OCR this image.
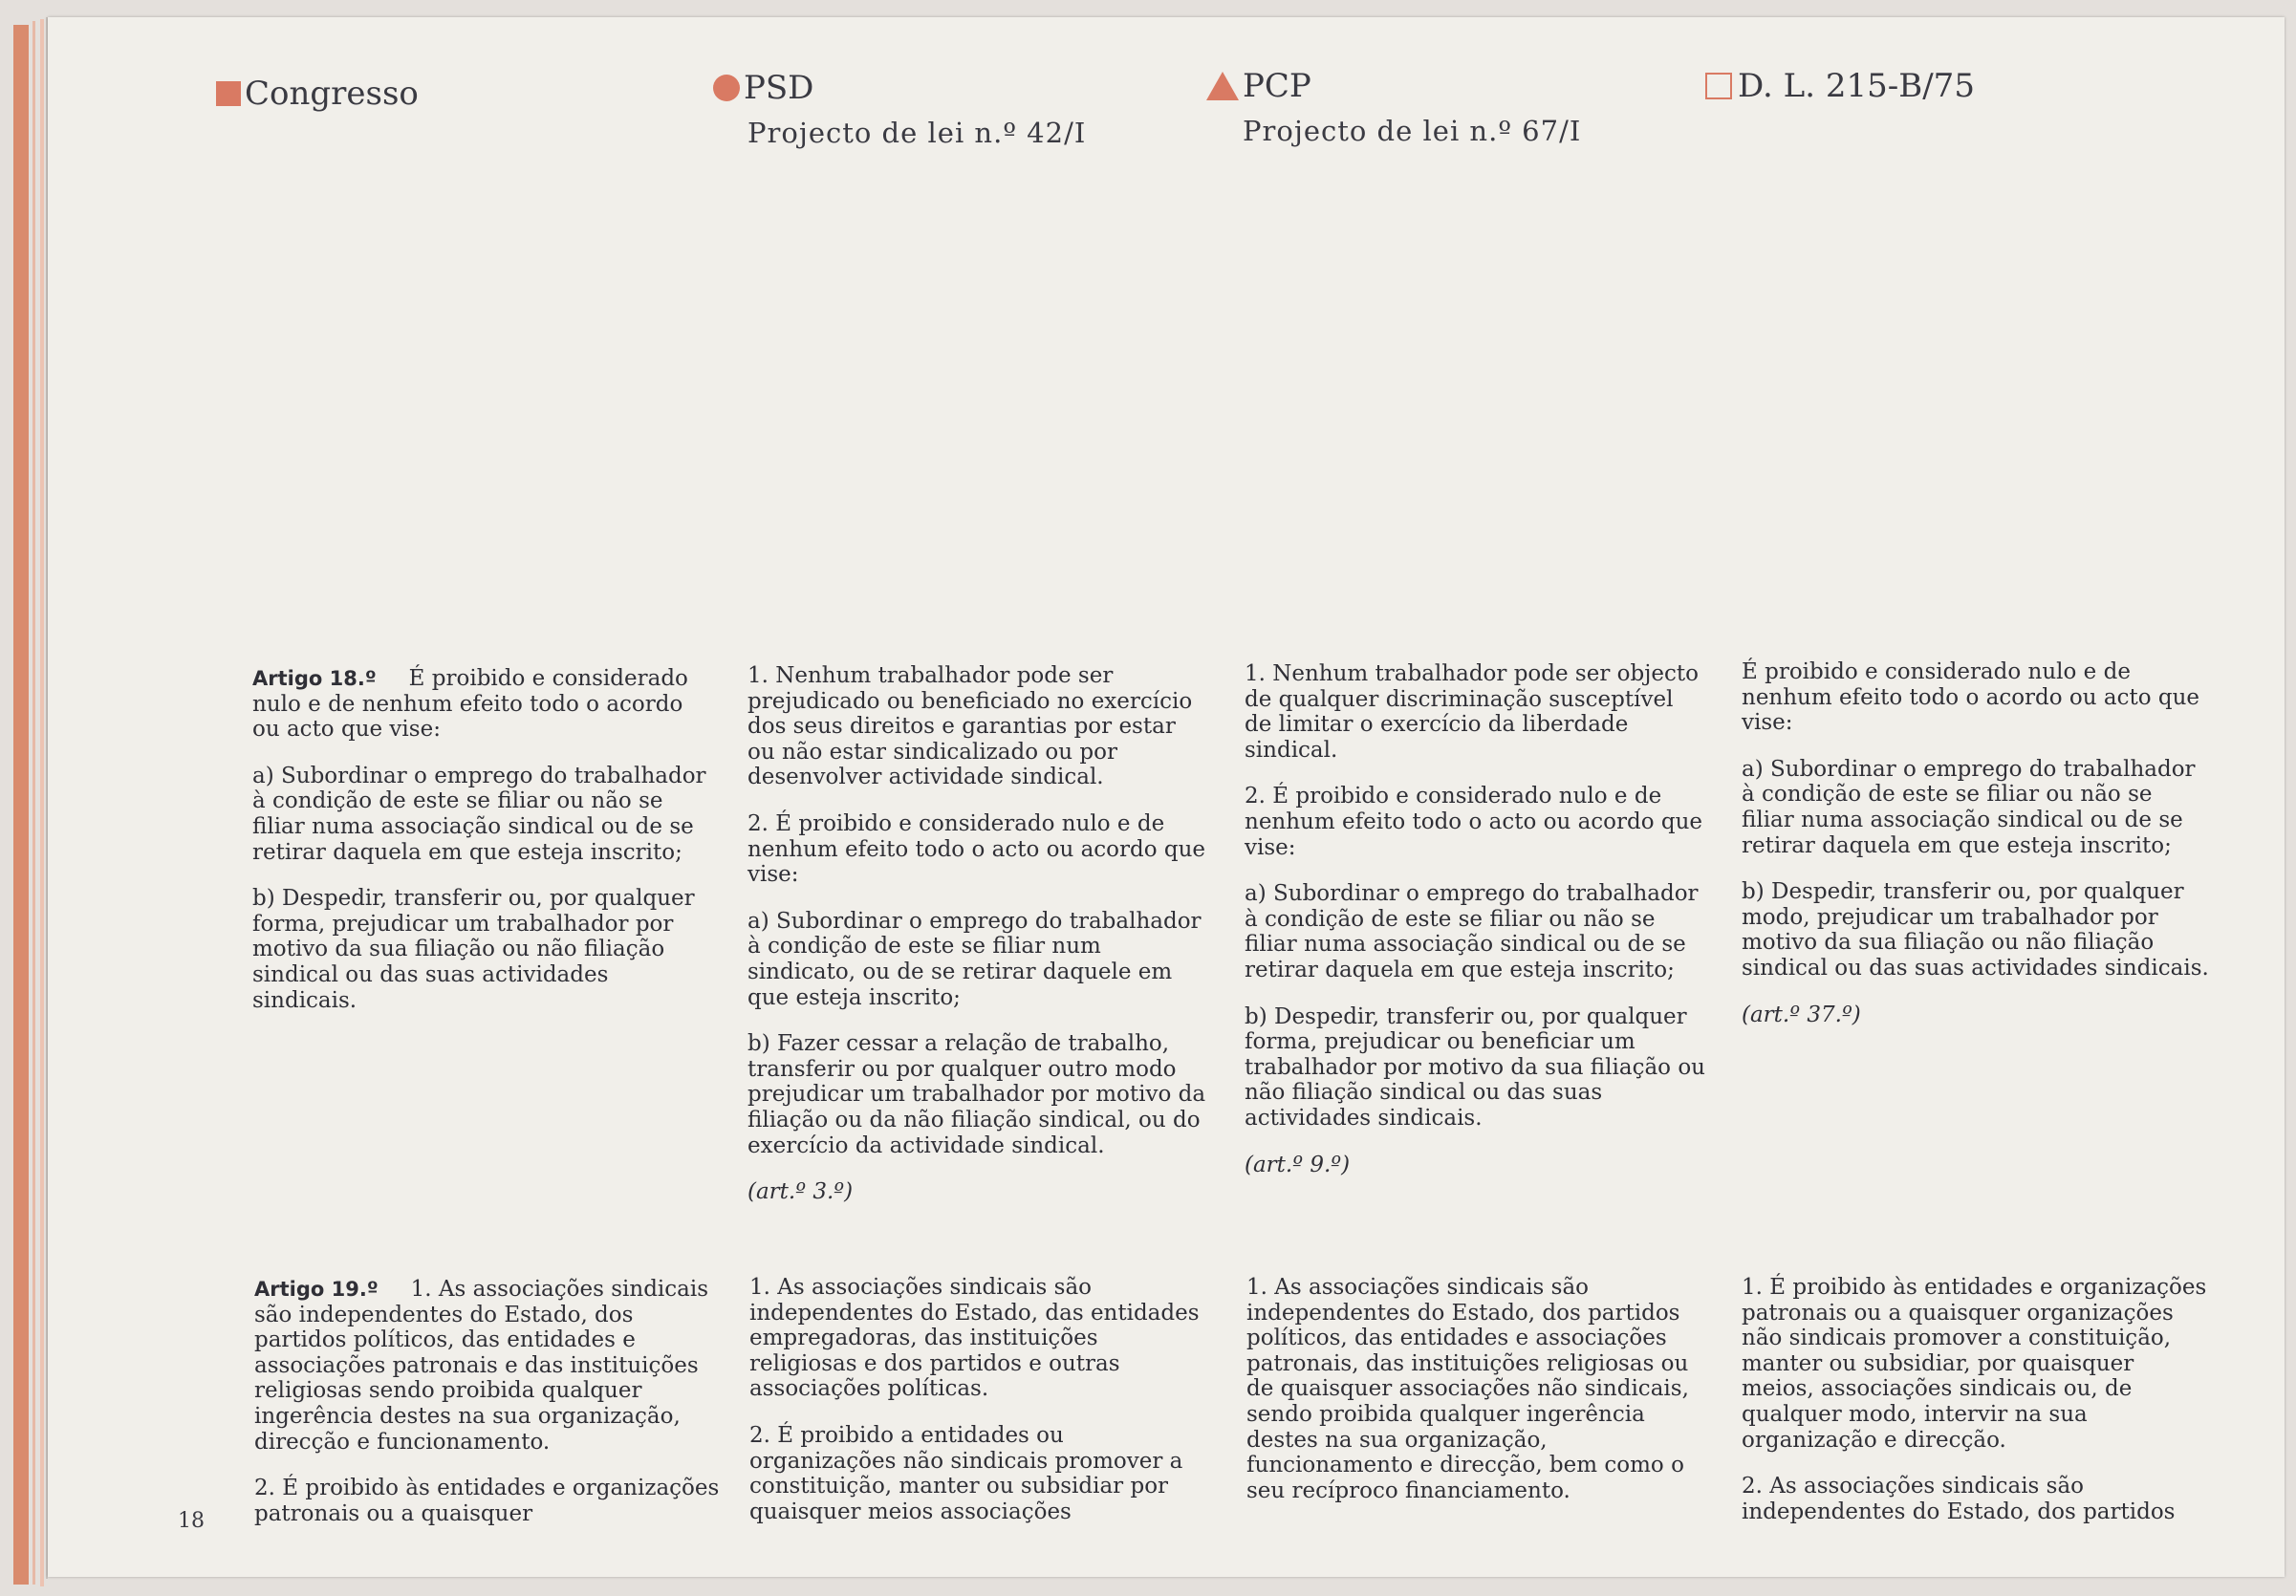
Congresso	PSD
Projecto de lei n.º 42/I
PCP
Projecto de lei n.º 67/I
D. L. 215-B/75

Artigo 18.º É proibido e considerado nulo e de nenhum efeito todo o acordo ou acto que vise:

a) Subordinar o emprego do trabalhador à condição de este se filiar ou não se filiar numa associação sindical ou de se retirar daquela em que esteja inscrito;

b) Despedir, transferir ou, por qualquer forma, prejudicar um trabalhador por motivo da sua filiação ou não filiação sindical ou das suas actividades sindicais.

1. Nenhum trabalhador pode ser prejudicado ou beneficiado no exercício dos seus direitos e garantias por estar ou não estar sindicalizado ou por desenvolver actividade sindical.

2. É proibido e considerado nulo e de nenhum efeito todo o acto ou acordo que vise:

a) Subordinar o emprego do trabalhador à condição de este se filiar num sindicato, ou de se retirar daquele em que esteja inscrito;

b) Fazer cessar a relação de trabalho, transferir ou por qualquer outro modo prejudicar um trabalhador por motivo da filiação ou da não filiação sindical, ou do exercício da actividade sindical.

(art.º 3.º)

1. Nenhum trabalhador pode ser objecto de qualquer discriminação susceptível de limitar o exercício da liberdade sindical.

2. É proibido e considerado nulo e de nenhum efeito todo o acto ou acordo que vise:

a) Subordinar o emprego do trabalhador à condição de este se filiar ou não se filiar numa associação sindical ou de se retirar daquela em que esteja inscrito;

b) Despedir, transferir ou, por qualquer forma, prejudicar ou beneficiar um trabalhador por motivo da sua filiação ou não filiação sindical ou das suas actividades sindicais.

(art.º 9.º)

É proibido e considerado nulo e de nenhum efeito todo o acordo ou acto que vise:

a) Subordinar o emprego do trabalhador à condição de este se filiar ou não se filiar numa associação sindical ou de se retirar daquela em que esteja inscrito;

b) Despedir, transferir ou, por qualquer modo, prejudicar um trabalhador por motivo da sua filiação ou não filiação sindical ou das suas actividades sindicais.

(art.º 37.º)

Artigo 19.º 1. As associações sindicais são independentes do Estado, dos partidos políticos, das entidades e associações patronais e das instituições religiosas sendo proibida qualquer ingerência destes na sua organização, direcção e funcionamento.

2. É proibido às entidades e organizações patronais ou a quaisquer

1. As associações sindicais são independentes do Estado, das entidades empregadoras, das instituições religiosas e dos partidos e outras associações políticas.

2. É proibido a entidades ou organizações não sindicais promover a constituição, manter ou subsidiar por quaisquer meios associações

1. As associações sindicais são independentes do Estado, dos partidos políticos, das entidades e associações patronais, das instituições religiosas ou de quaisquer associações não sindicais, sendo proibida qualquer ingerência destes na sua organização, funcionamento e direcção, bem como o seu recíproco financiamento.

1. É proibido às entidades e organizações patronais ou a quaisquer organizações não sindicais promover a constituição, manter ou subsidiar, por quaisquer meios, associações sindicais ou, de qualquer modo, intervir na sua organização e direcção.

2. As associações sindicais são independentes do Estado, dos partidos

18
